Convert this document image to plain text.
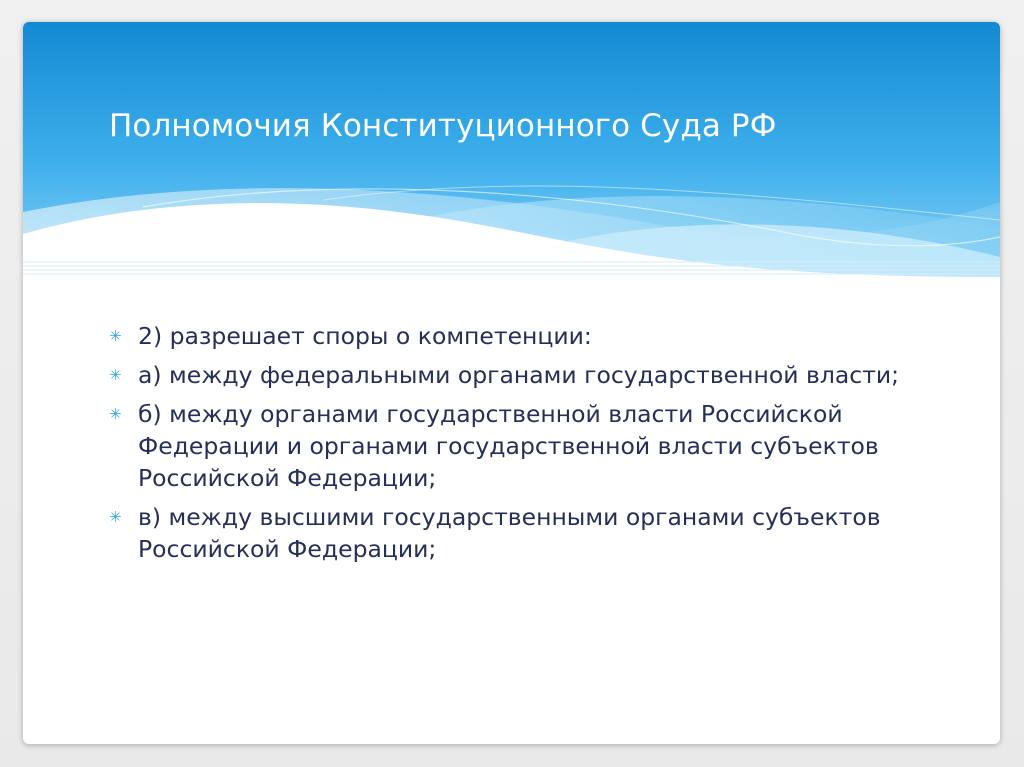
Полномочия Конституционного Суда РФ
✳ 2) разрешает споры о компетенции:
✳ а) между федеральными органами государственной власти;
✳ б) между органами государственной власти Российской Федерации и органами государственной власти субъектов Российской Федерации;
✳ в) между высшими государственными органами субъектов Российской Федерации;
